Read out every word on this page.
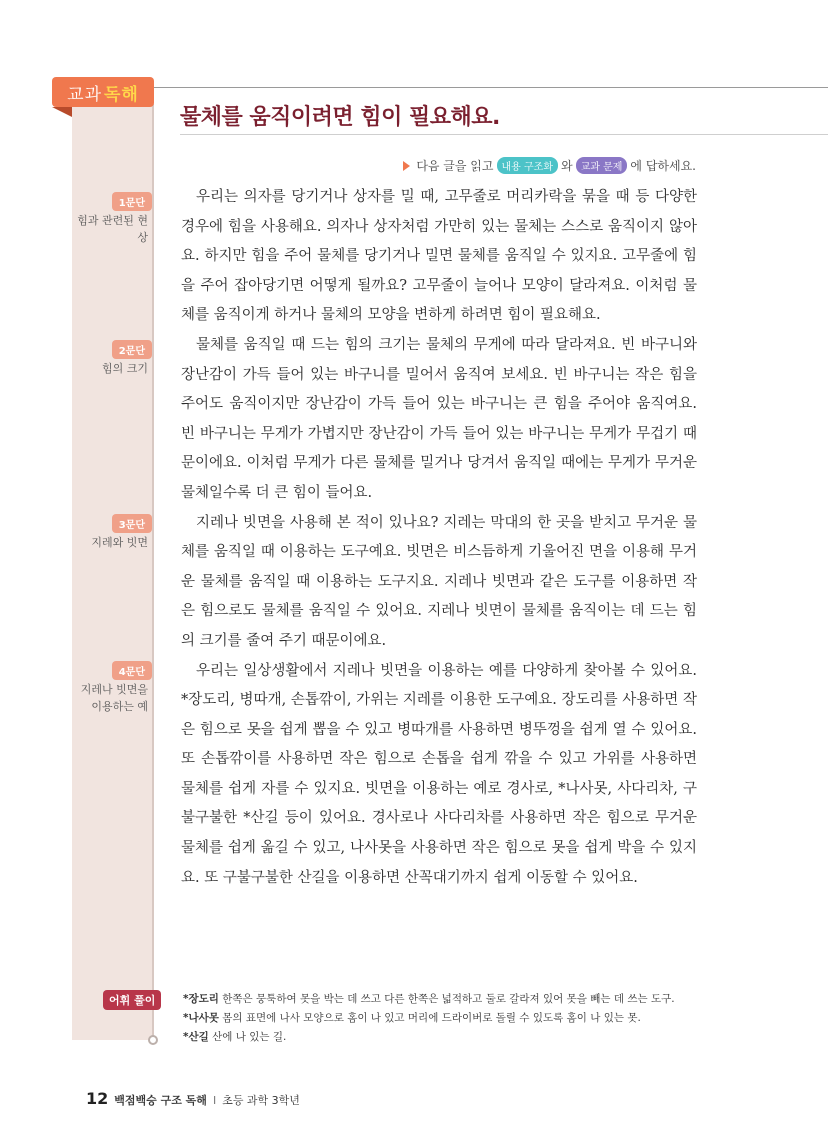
교과 독해
물체를 움직이려면 힘이 필요해요.
다음 글을 읽고 내용 구조화 와 교과 문제 에 답하세요.
1문단
힘과 관련된 현상
2문단
힘의 크기
3문단
지레와 빗면
4문단
지레나 빗면을 이용하는 예

우리는 의자를 당기거나 상자를 밀 때, 고무줄로 머리카락을 묶을 때 등 다양한 경우에 힘을 사용해요. 의자나 상자처럼 가만히 있는 물체는 스스로 움직이지 않아요. 하지만 힘을 주어 물체를 당기거나 밀면 물체를 움직일 수 있지요. 고무줄에 힘을 주어 잡아당기면 어떻게 될까요? 고무줄이 늘어나 모양이 달라져요. 이처럼 물체를 움직이게 하거나 물체의 모양을 변하게 하려면 힘이 필요해요.

물체를 움직일 때 드는 힘의 크기는 물체의 무게에 따라 달라져요. 빈 바구니와 장난감이 가득 들어 있는 바구니를 밀어서 움직여 보세요. 빈 바구니는 작은 힘을 주어도 움직이지만 장난감이 가득 들어 있는 바구니는 큰 힘을 주어야 움직여요. 빈 바구니는 무게가 가볍지만 장난감이 가득 들어 있는 바구니는 무게가 무겁기 때문이에요. 이처럼 무게가 다른 물체를 밀거나 당겨서 움직일 때에는 무게가 무거운 물체일수록 더 큰 힘이 들어요.

지레나 빗면을 사용해 본 적이 있나요? 지레는 막대의 한 곳을 받치고 무거운 물체를 움직일 때 이용하는 도구예요. 빗면은 비스듬하게 기울어진 면을 이용해 무거운 물체를 움직일 때 이용하는 도구지요. 지레나 빗면과 같은 도구를 이용하면 작은 힘으로도 물체를 움직일 수 있어요. 지레나 빗면이 물체를 움직이는 데 드는 힘의 크기를 줄여 주기 때문이에요.

우리는 일상생활에서 지레나 빗면을 이용하는 예를 다양하게 찾아볼 수 있어요. *장도리, 병따개, 손톱깎이, 가위는 지레를 이용한 도구예요. 장도리를 사용하면 작은 힘으로 못을 쉽게 뽑을 수 있고 병따개를 사용하면 병뚜껑을 쉽게 열 수 있어요. 또 손톱깎이를 사용하면 작은 힘으로 손톱을 쉽게 깎을 수 있고 가위를 사용하면 물체를 쉽게 자를 수 있지요. 빗면을 이용하는 예로 경사로, *나사못, 사다리차, 구불구불한 *산길 등이 있어요. 경사로나 사다리차를 사용하면 작은 힘으로 무거운 물체를 쉽게 옮길 수 있고, 나사못을 사용하면 작은 힘으로 못을 쉽게 박을 수 있지요. 또 구불구불한 산길을 이용하면 산꼭대기까지 쉽게 이동할 수 있어요.

어휘 풀이	*장도리 한쪽은 뭉툭하여 못을 박는 데 쓰고 다른 한쪽은 넓적하고 둘로 갈라져 있어 못을 빼는 데 쓰는 도구.
*나사못 몸의 표면에 나사 모양으로 홈이 나 있고 머리에 드라이버로 돌릴 수 있도록 홈이 나 있는 못.
*산길 산에 나 있는 길.
12 백점백승 구조 독해 I 초등 과학 3학년
